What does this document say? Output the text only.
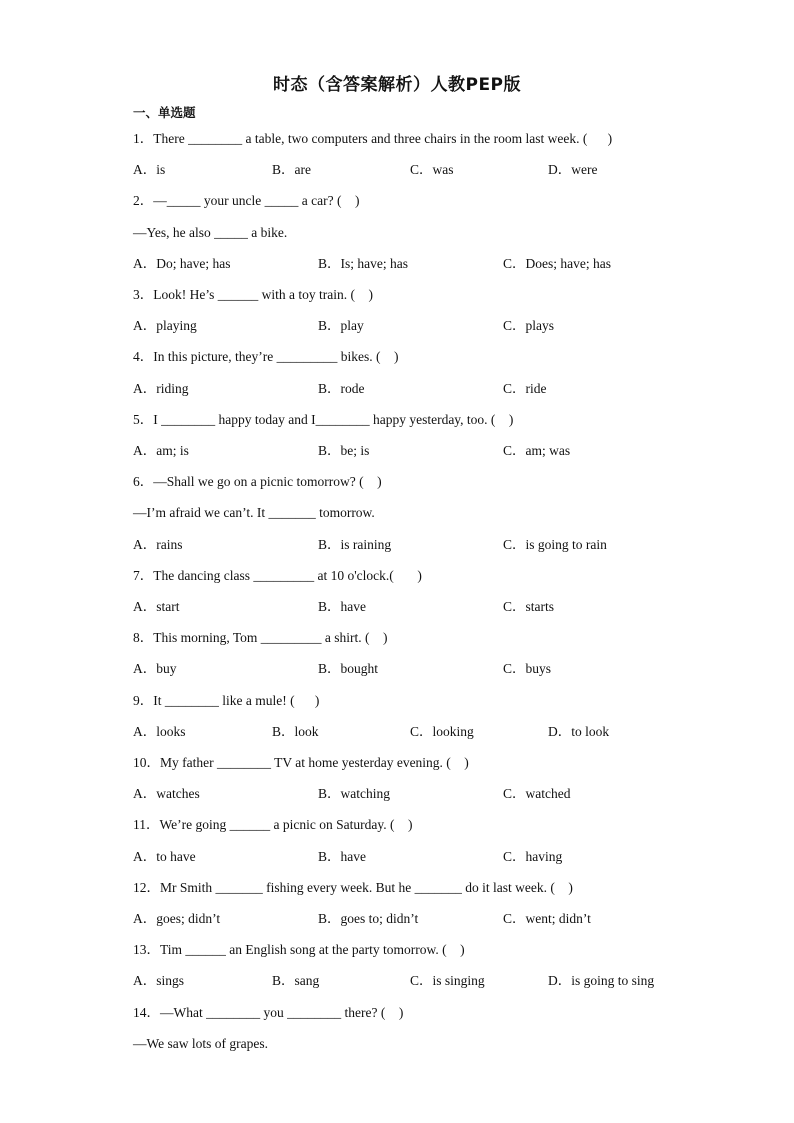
时态（含答案解析）人教PEP版
一、单选题
1．There ________ a table, two computers and three chairs in the room last week. (      )
A．is	B．are	C．was	D．were
2．—_____ your uncle _____ a car? (    )
—Yes, he also _____ a bike.
A．Do; have; has	B．Is; have; has	C．Does; have; has
3．Look! He’s ______ with a toy train. (    )
A．playing	B．play	C．plays
4．In this picture, they’re _________ bikes. (    )
A．riding	B．rode	C．ride
5．I ________ happy today and I________ happy yesterday, too. (    )
A．am; is	B．be; is	C．am; was
6．—Shall we go on a picnic tomorrow? (    )
—I’m afraid we can’t. It _______ tomorrow.
A．rains	B．is raining	C．is going to rain
7．The dancing class _________ at 10 o'clock.(       )
A．start	B．have	C．starts
8．This morning, Tom _________ a shirt. (    )
A．buy	B．bought	C．buys
9．It ________ like a mule! (      )
A．looks	B．look	C．looking	D．to look
10．My father ________ TV at home yesterday evening. (    )
A．watches	B．watching	C．watched
11．We’re going ______ a picnic on Saturday. (    )
A．to have	B．have	C．having
12．Mr Smith _______ fishing every week. But he _______ do it last week. (    )
A．goes; didn’t	B．goes to; didn’t	C．went; didn’t
13．Tim ______ an English song at the party tomorrow. (    )
A．sings	B．sang	C．is singing	D．is going to sing
14．—What ________ you ________ there? (    )
—We saw lots of grapes.
